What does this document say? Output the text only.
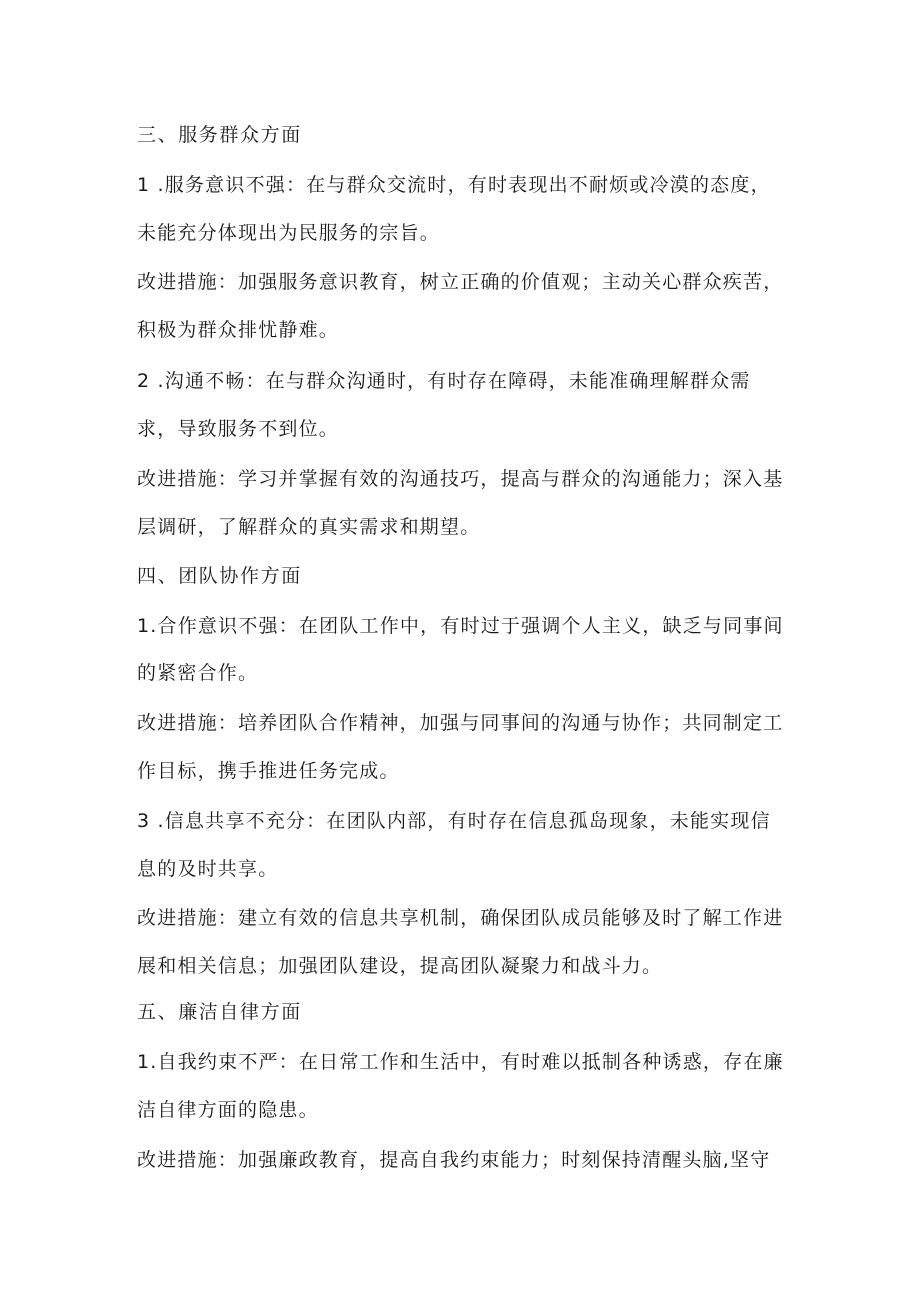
三、服务群众方面
1 .服务意识不强：在与群众交流时，有时表现出不耐烦或冷漠的态度，
未能充分体现出为民服务的宗旨。
改进措施：加强服务意识教育，树立正确的价值观；主动关心群众疾苦，
积极为群众排忧静难。
2 .沟通不畅：在与群众沟通时，有时存在障碍，未能准确理解群众需
求，导致服务不到位。
改进措施：学习并掌握有效的沟通技巧，提高与群众的沟通能力；深入基
层调研，了解群众的真实需求和期望。
四、团队协作方面
1.合作意识不强：在团队工作中，有时过于强调个人主义，缺乏与同事间
的紧密合作。
改进措施：培养团队合作精神，加强与同事间的沟通与协作；共同制定工
作目标，携手推进任务完成。
3 .信息共享不充分：在团队内部，有时存在信息孤岛现象，未能实现信
息的及时共享。
改进措施：建立有效的信息共享机制，确保团队成员能够及时了解工作进
展和相关信息；加强团队建设，提高团队凝聚力和战斗力。
五、廉洁自律方面
1.自我约束不严：在日常工作和生活中，有时难以抵制各种诱惑，存在廉
洁自律方面的隐患。
改进措施：加强廉政教育，提高自我约束能力；时刻保持清醒头脑,坚守
